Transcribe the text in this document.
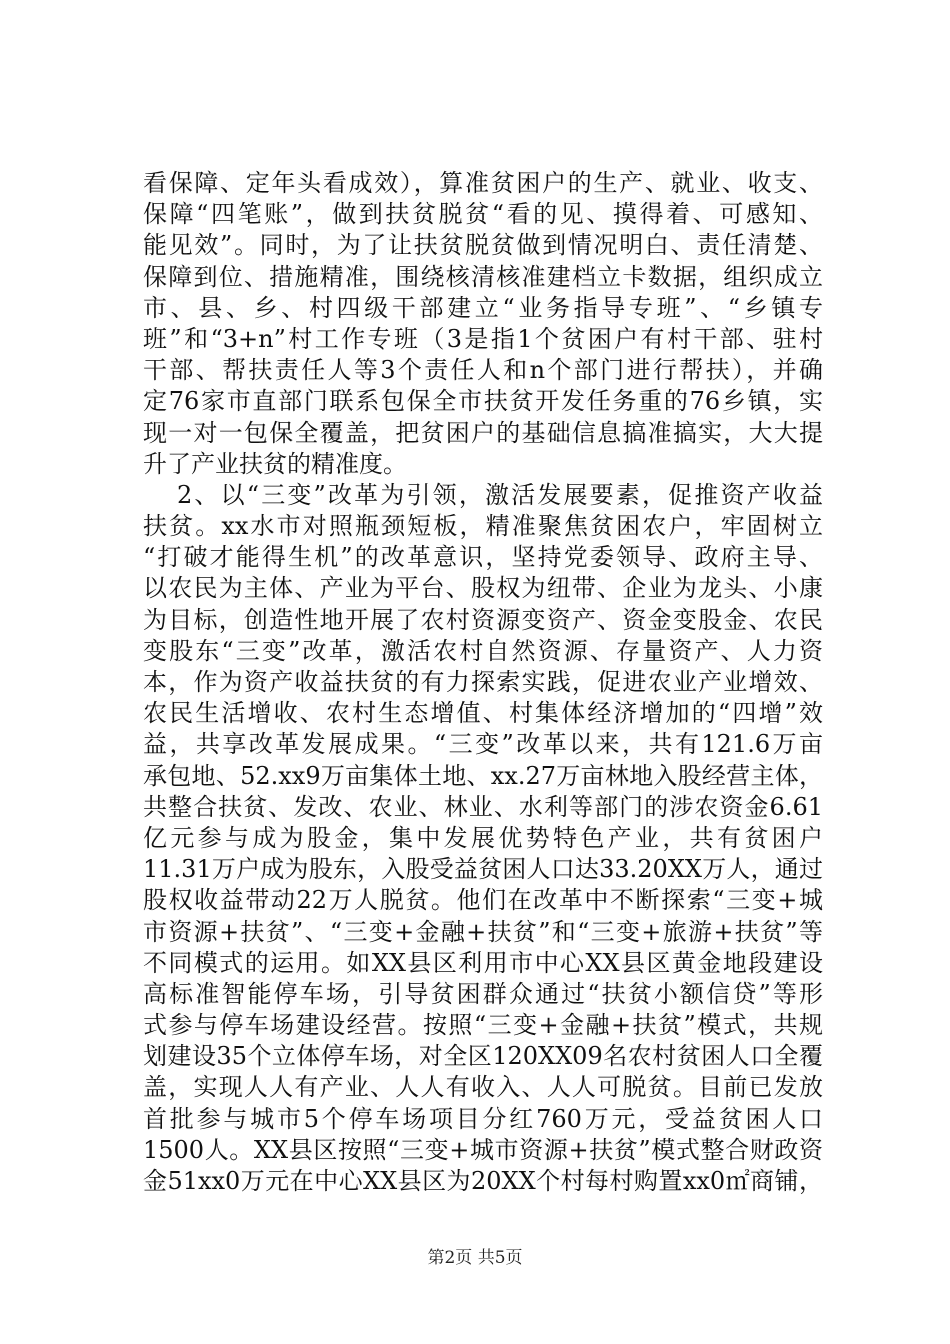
看保障、定年头看成效），算准贫困户的生产、就业、收支、
保障“四笔账”，做到扶贫脱贫“看的见、摸得着、可感知、
能见效”。同时，为了让扶贫脱贫做到情况明白、责任清楚、
保障到位、措施精准，围绕核清核准建档立卡数据，组织成立
市、县、乡、村四级干部建立“业务指导专班”、“乡镇专
班”和“3+n”村工作专班（3是指1个贫困户有村干部、驻村
干部、帮扶责任人等3个责任人和n个部门进行帮扶），并确
定76家市直部门联系包保全市扶贫开发任务重的76乡镇，实
现一对一包保全覆盖，把贫困户的基础信息搞准搞实，大大提
升了产业扶贫的精准度。
2、以“三变”改革为引领，激活发展要素，促推资产收益
扶贫。xx水市对照瓶颈短板，精准聚焦贫困农户，牢固树立
“打破才能得生机”的改革意识，坚持党委领导、政府主导、
以农民为主体、产业为平台、股权为纽带、企业为龙头、小康
为目标，创造性地开展了农村资源变资产、资金变股金、农民
变股东“三变”改革，激活农村自然资源、存量资产、人力资
本，作为资产收益扶贫的有力探索实践，促进农业产业增效、
农民生活增收、农村生态增值、村集体经济增加的“四增”效
益，共享改革发展成果。“三变”改革以来，共有121.6万亩
承包地、52.xx9万亩集体土地、xx.27万亩林地入股经营主体，
共整合扶贫、发改、农业、林业、水利等部门的涉农资金6.61
亿元参与成为股金，集中发展优势特色产业，共有贫困户
11.31万户成为股东，入股受益贫困人口达33.20XX万人，通过
股权收益带动22万人脱贫。他们在改革中不断探索“三变+城
市资源+扶贫”、“三变+金融+扶贫”和“三变+旅游+扶贫”等
不同模式的运用。如XX县区利用市中心XX县区黄金地段建设
高标准智能停车场，引导贫困群众通过“扶贫小额信贷”等形
式参与停车场建设经营。按照“三变+金融+扶贫”模式，共规
划建设35个立体停车场，对全区120XX09名农村贫困人口全覆
盖，实现人人有产业、人人有收入、人人可脱贫。目前已发放
首批参与城市5个停车场项目分红760万元，受益贫困人口
1500人。XX县区按照“三变+城市资源+扶贫”模式整合财政资
金51xx0万元在中心XX县区为20XX个村每村购置xx0㎡商铺，
第2页 共5页
